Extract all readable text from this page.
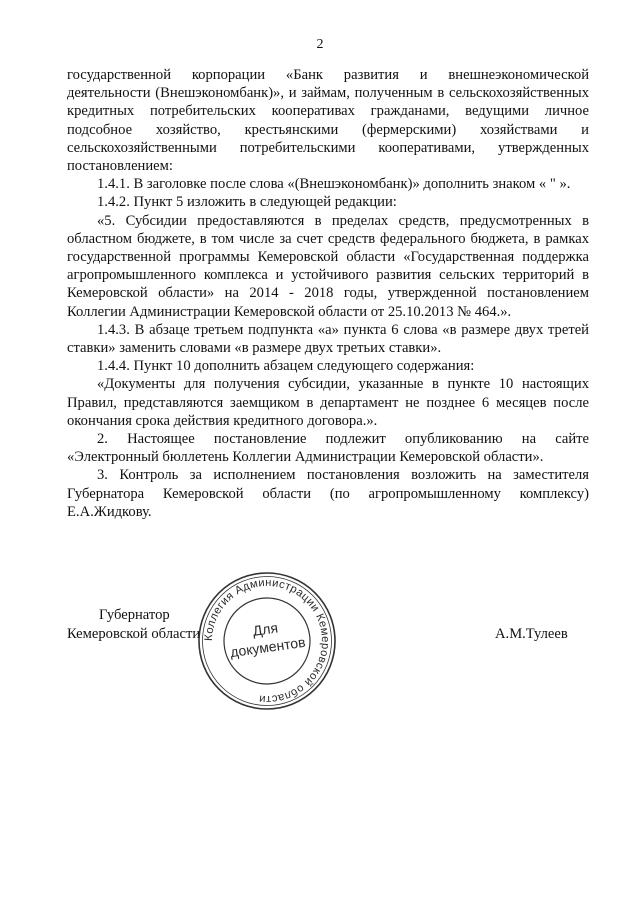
2

государственной корпорации «Банк развития и внешнеэкономической деятельности (Внешэкономбанк)», и займам, полученным в сельскохозяйственных кредитных потребительских кооперативах гражданами, ведущими личное подсобное хозяйство, крестьянскими (фермерскими) хозяйствами и сельскохозяйственными потребительскими кооперативами, утвержденных постановлением:

1.4.1. В заголовке после слова «(Внешэкономбанк)» дополнить знаком « " ».

1.4.2. Пункт 5 изложить в следующей редакции:

«5. Субсидии предоставляются в пределах средств, предусмотренных в областном бюджете, в том числе за счет средств федерального бюджета, в рамках государственной программы Кемеровской области «Государственная поддержка агропромышленного комплекса и устойчивого развития сельских территорий в Кемеровской области» на 2014 - 2018 годы, утвержденной постановлением Коллегии Администрации Кемеровской области от 25.10.2013 № 464.».

1.4.3. В абзаце третьем подпункта «а» пункта 6 слова «в размере двух третей ставки» заменить словами «в размере двух третьих ставки».

1.4.4. Пункт 10 дополнить абзацем следующего содержания:

«Документы для получения субсидии, указанные в пункте 10 настоящих Правил, представляются заемщиком в департамент не позднее 6 месяцев после окончания срока действия кредитного договора.».

2. Настоящее постановление подлежит опубликованию на сайте «Электронный бюллетень Коллегии Администрации Кемеровской области».

3. Контроль за исполнением постановления возложить на заместителя Губернатора Кемеровской области (по агропромышленному комплексу) Е.А.Жидкову.

Губернатор
Кемеровской области	А.М.Тулеев
Коллегия Администрации Кемеровской области
Для
документов
